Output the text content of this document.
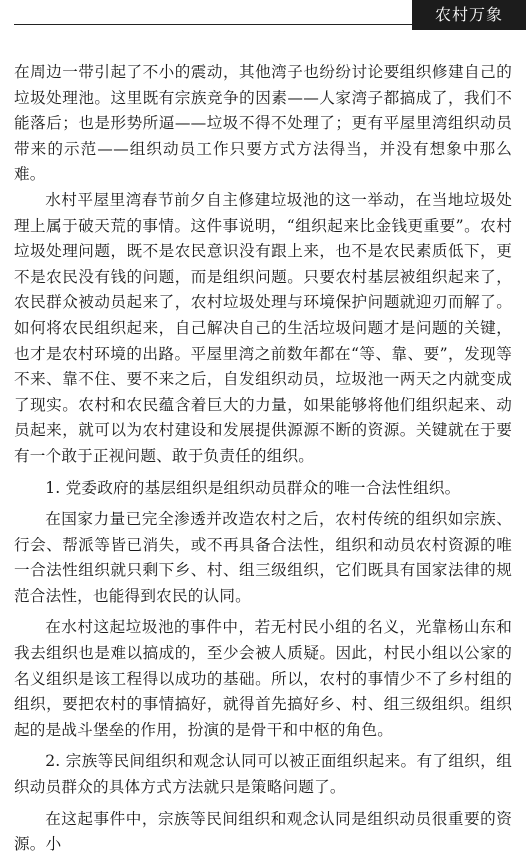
农村万象

在周边一带引起了不小的震动，其他湾子也纷纷讨论要组织修建自己的垃圾处理池。这里既有宗族竞争的因素——人家湾子都搞成了，我们不能落后；也是形势所逼——垃圾不得不处理了；更有平屋里湾组织动员带来的示范——组织动员工作只要方式方法得当，并没有想象中那么难。

水村平屋里湾春节前夕自主修建垃圾池的这一举动，在当地垃圾处理上属于破天荒的事情。这件事说明，“组织起来比金钱更重要”。农村垃圾处理问题，既不是农民意识没有跟上来，也不是农民素质低下，更不是农民没有钱的问题，而是组织问题。只要农村基层被组织起来了，农民群众被动员起来了，农村垃圾处理与环境保护问题就迎刃而解了。如何将农民组织起来，自己解决自己的生活垃圾问题才是问题的关键，也才是农村环境的出路。平屋里湾之前数年都在“等、靠、要”，发现等不来、靠不住、要不来之后，自发组织动员，垃圾池一两天之内就变成了现实。农村和农民蕴含着巨大的力量，如果能够将他们组织起来、动员起来，就可以为农村建设和发展提供源源不断的资源。关键就在于要有一个敢于正视问题、敢于负责任的组织。

1. 党委政府的基层组织是组织动员群众的唯一合法性组织。

在国家力量已完全渗透并改造农村之后，农村传统的组织如宗族、行会、帮派等皆已消失，或不再具备合法性，组织和动员农村资源的唯一合法性组织就只剩下乡、村、组三级组织，它们既具有国家法律的规范合法性，也能得到农民的认同。

在水村这起垃圾池的事件中，若无村民小组的名义，光靠杨山东和我去组织也是难以搞成的，至少会被人质疑。因此，村民小组以公家的名义组织是该工程得以成功的基础。所以，农村的事情少不了乡村组的组织，要把农村的事情搞好，就得首先搞好乡、村、组三级组织。组织起的是战斗堡垒的作用，扮演的是骨干和中枢的角色。

2. 宗族等民间组织和观念认同可以被正面组织起来。有了组织，组织动员群众的具体方式方法就只是策略问题了。

在这起事件中，宗族等民间组织和观念认同是组织动员很重要的资源。小
